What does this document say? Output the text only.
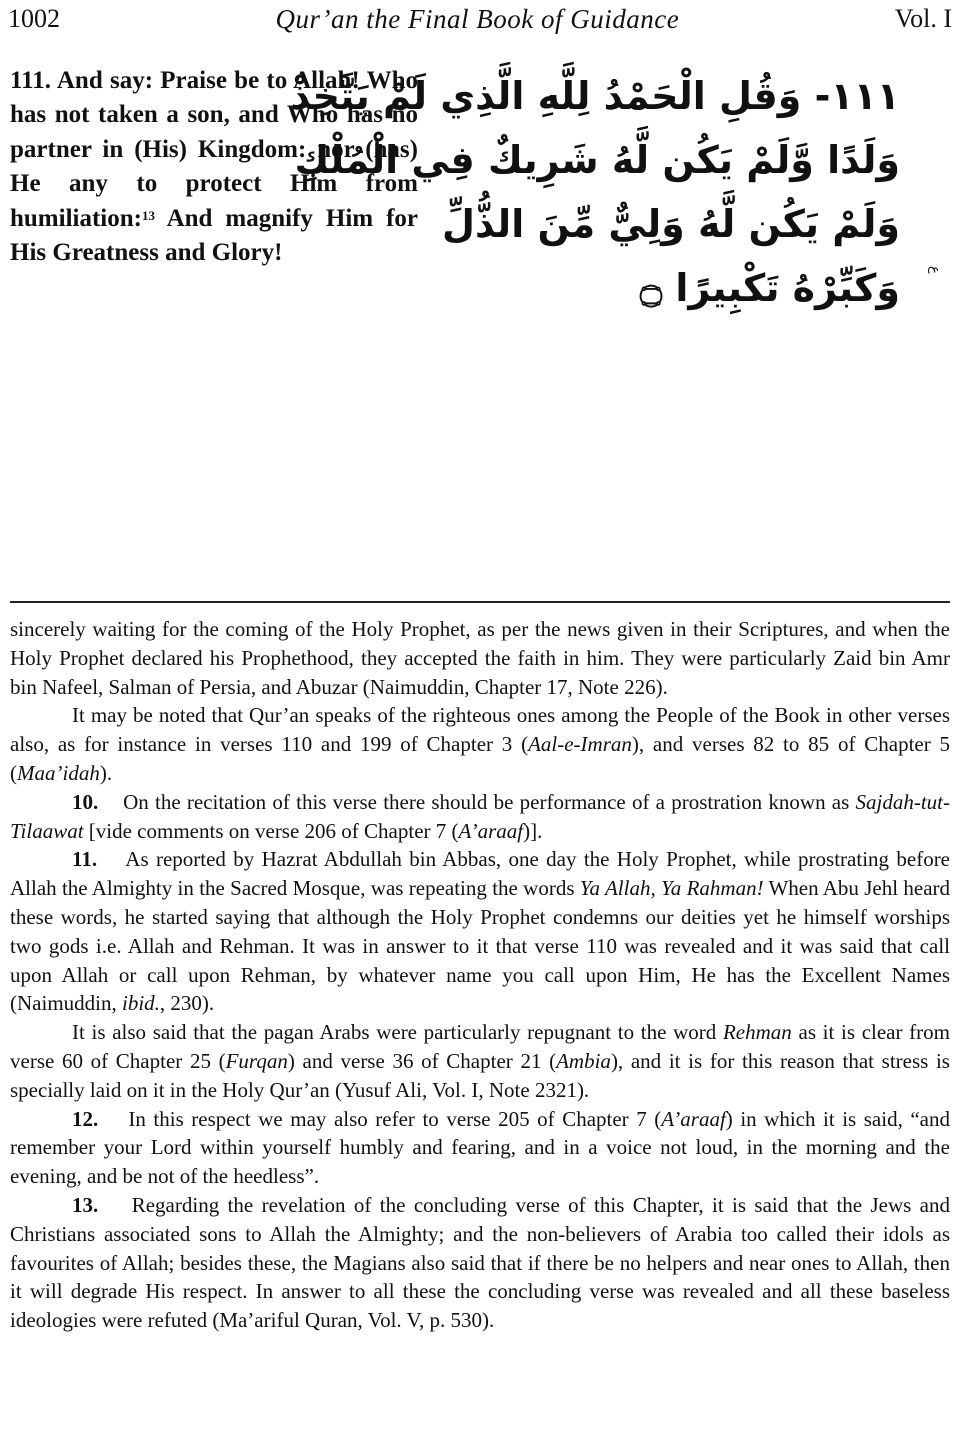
1002	Qur’an the Final Book of Guidance	Vol. I
111. And say: Praise be to Allah! Who has not taken a son, and Who has no partner in (His) Kingdom: nor (has) He any to protect Him from humiliation:$^{13}$ And magnify Him for His Greatness and Glory!
١١١- وَقُلِ الْحَمْدُ لِلَّهِ الَّذِي لَمْ يَتَّخِذْ
وَلَدًا وَّلَمْ يَكُن لَّهُ شَرِيكٌ فِي الْمُلْكِ
وَلَمْ يَكُن لَّهُ وَلِيٌّ مِّنَ الذُّلِّ
وَكَبِّرْهُ تَكْبِيرًا ۝	ع

sincerely waiting for the coming of the Holy Prophet, as per the news given in their Scriptures, and when the Holy Prophet declared his Prophethood, they accepted the faith in him. They were particularly Zaid bin Amr bin Nafeel, Salman of Persia, and Abuzar (Naimuddin, Chapter 17, Note 226).

It may be noted that Qur’an speaks of the righteous ones among the People of the Book in other verses also, as for instance in verses 110 and 199 of Chapter 3 (Aal-e-Imran), and verses 82 to 85 of Chapter 5 (Maa’idah).

10. On the recitation of this verse there should be performance of a prostration known as Sajdah-tut-Tilaawat [vide comments on verse 206 of Chapter 7 (A’araaf)].

11. As reported by Hazrat Abdullah bin Abbas, one day the Holy Prophet, while prostrating before Allah the Almighty in the Sacred Mosque, was repeating the words Ya Allah, Ya Rahman! When Abu Jehl heard these words, he started saying that although the Holy Prophet condemns our deities yet he himself worships two gods i.e. Allah and Rehman. It was in answer to it that verse 110 was revealed and it was said that call upon Allah or call upon Rehman, by whatever name you call upon Him, He has the Excellent Names (Naimuddin, ibid., 230).

It is also said that the pagan Arabs were particularly repugnant to the word Rehman as it is clear from verse 60 of Chapter 25 (Furqan) and verse 36 of Chapter 21 (Ambia), and it is for this reason that stress is specially laid on it in the Holy Qur’an (Yusuf Ali, Vol. I, Note 2321).

12. In this respect we may also refer to verse 205 of Chapter 7 (A’araaf) in which it is said, “and remember your Lord within yourself humbly and fearing, and in a voice not loud, in the morning and the evening, and be not of the heedless”.

13. Regarding the revelation of the concluding verse of this Chapter, it is said that the Jews and Christians associated sons to Allah the Almighty; and the non-believers of Arabia too called their idols as favourites of Allah; besides these, the Magians also said that if there be no helpers and near ones to Allah, then it will degrade His respect. In answer to all these the concluding verse was revealed and all these baseless ideologies were refuted (Ma’ariful Quran, Vol. V, p. 530).
